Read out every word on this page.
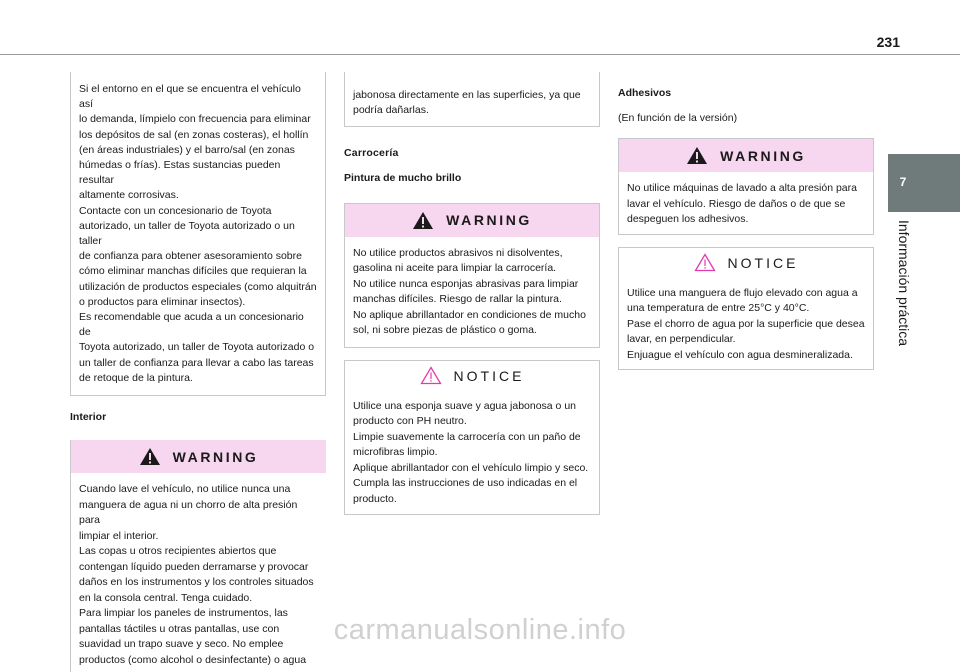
231

Si el entorno en el que se encuentra el vehículo así

lo demanda, límpielo con frecuencia para eliminar

los depósitos de sal (en zonas costeras), el hollín

(en áreas industriales) y el barro/sal (en zonas

húmedas o frías). Estas sustancias pueden resultar

altamente corrosivas.

Contacte con un concesionario de Toyota

autorizado, un taller de Toyota autorizado o un taller

de confianza para obtener asesoramiento sobre

cómo eliminar manchas difíciles que requieran la

utilización de productos especiales (como alquitrán

o productos para eliminar insectos).

Es recomendable que acuda a un concesionario de

Toyota autorizado, un taller de Toyota autorizado o

un taller de confianza para llevar a cabo las tareas

de retoque de la pintura.

Interior

WARNING

Cuando lave el vehículo, no utilice nunca una

manguera de agua ni un chorro de alta presión para

limpiar el interior.

Las copas u otros recipientes abiertos que

contengan líquido pueden derramarse y provocar

daños en los instrumentos y los controles situados

en la consola central. Tenga cuidado.

Para limpiar los paneles de instrumentos, las

pantallas táctiles u otras pantallas, use con

suavidad un trapo suave y seco. No emplee

productos (como alcohol o desinfectante) o agua

jabonosa directamente en las superficies, ya que

podría dañarlas.

Carrocería

Pintura de mucho brillo

WARNING

No utilice productos abrasivos ni disolventes,

gasolina ni aceite para limpiar la carrocería.

No utilice nunca esponjas abrasivas para limpiar

manchas difíciles. Riesgo de rallar la pintura.

No aplique abrillantador en condiciones de mucho

sol, ni sobre piezas de plástico o goma.

NOTICE

Utilice una esponja suave y agua jabonosa o un

producto con PH neutro.

Limpie suavemente la carrocería con un paño de

microfibras limpio.

Aplique abrillantador con el vehículo limpio y seco.

Cumpla las instrucciones de uso indicadas en el

producto.

Adhesivos

(En función de la versión)

WARNING

No utilice máquinas de lavado a alta presión para

lavar el vehículo. Riesgo de daños o de que se

despeguen los adhesivos.

NOTICE

Utilice una manguera de flujo elevado con agua a

una temperatura de entre 25°C y 40°C.

Pase el chorro de agua por la superficie que desea

lavar, en perpendicular.

Enjuague el vehículo con agua desmineralizada.

7
Información práctica
carmanualsonline.info
